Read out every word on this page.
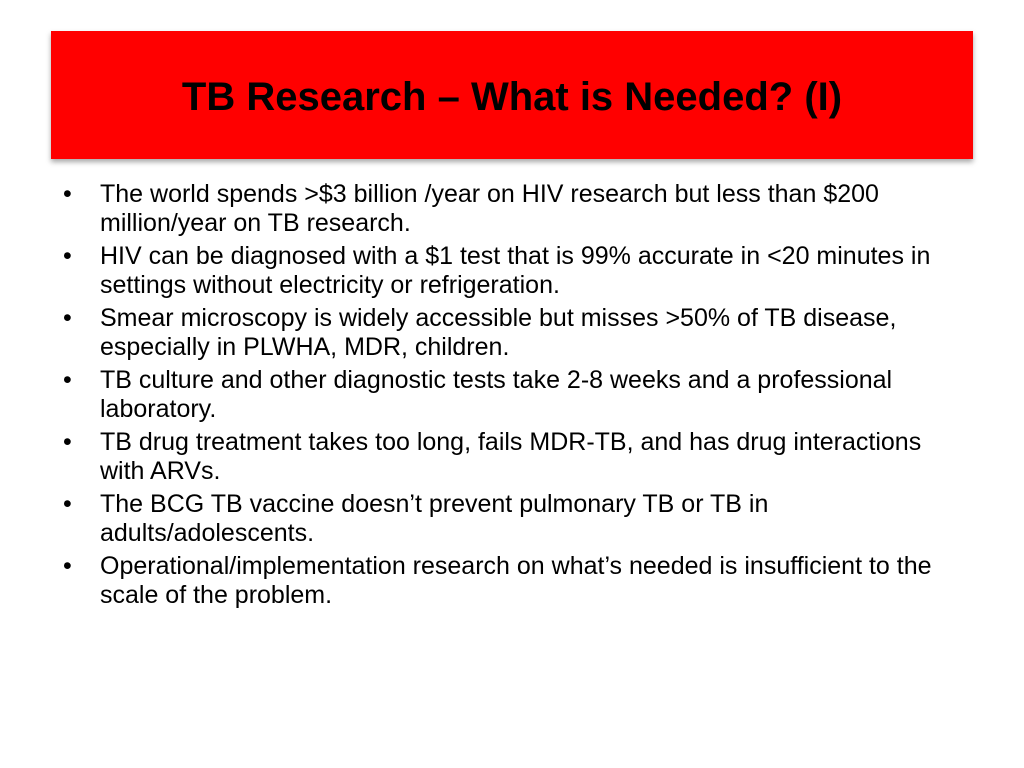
TB Research – What is Needed? (I)
•	The world spends >$3 billion /year on HIV research but less than $200 million/year on TB research.
•	HIV can be diagnosed with a $1 test that is 99% accurate in <20 minutes in settings without electricity or refrigeration.
•	Smear microscopy is widely accessible but misses >50% of TB disease, especially in PLWHA, MDR, children.
•	TB culture and other diagnostic tests take 2-8 weeks and a professional laboratory.
•	TB drug treatment takes too long, fails MDR-TB, and has drug interactions with ARVs.
•	The BCG TB vaccine doesn’t prevent pulmonary TB or TB in adults/adolescents.
•	Operational/implementation research on what’s needed is insufficient to the scale of the problem.
